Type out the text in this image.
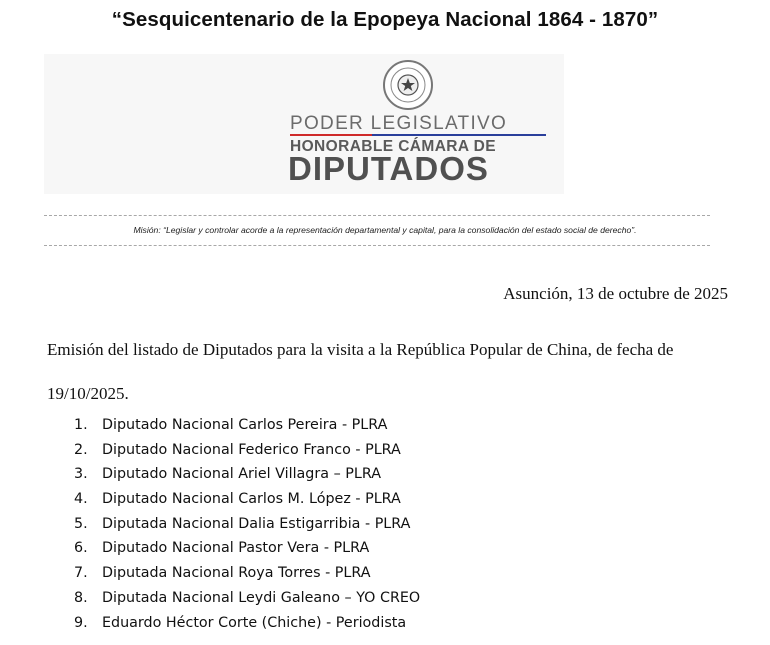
“Sesquicentenario de la Epopeya Nacional 1864 - 1870”
PODER LEGISLATIVO
HONORABLE CÁMARA DE
DIPUTADOS
Misión: “Legislar y controlar acorde a la representación departamental y capital, para la consolidación del estado social de derecho”.
Asunción, 13 de octubre de 2025
Emisión del listado de Diputados para la visita a la República Popular de China, de fecha de 19/10/2025.
1. Diputado Nacional Carlos Pereira - PLRA
2. Diputado Nacional Federico Franco - PLRA
3. Diputado Nacional Ariel Villagra – PLRA
4. Diputado Nacional Carlos M. López - PLRA
5. Diputada Nacional Dalia Estigarribia - PLRA
6. Diputado Nacional Pastor Vera - PLRA
7. Diputada Nacional Roya Torres - PLRA
8. Diputada Nacional Leydi Galeano – YO CREO
9. Eduardo Héctor Corte (Chiche) - Periodista
